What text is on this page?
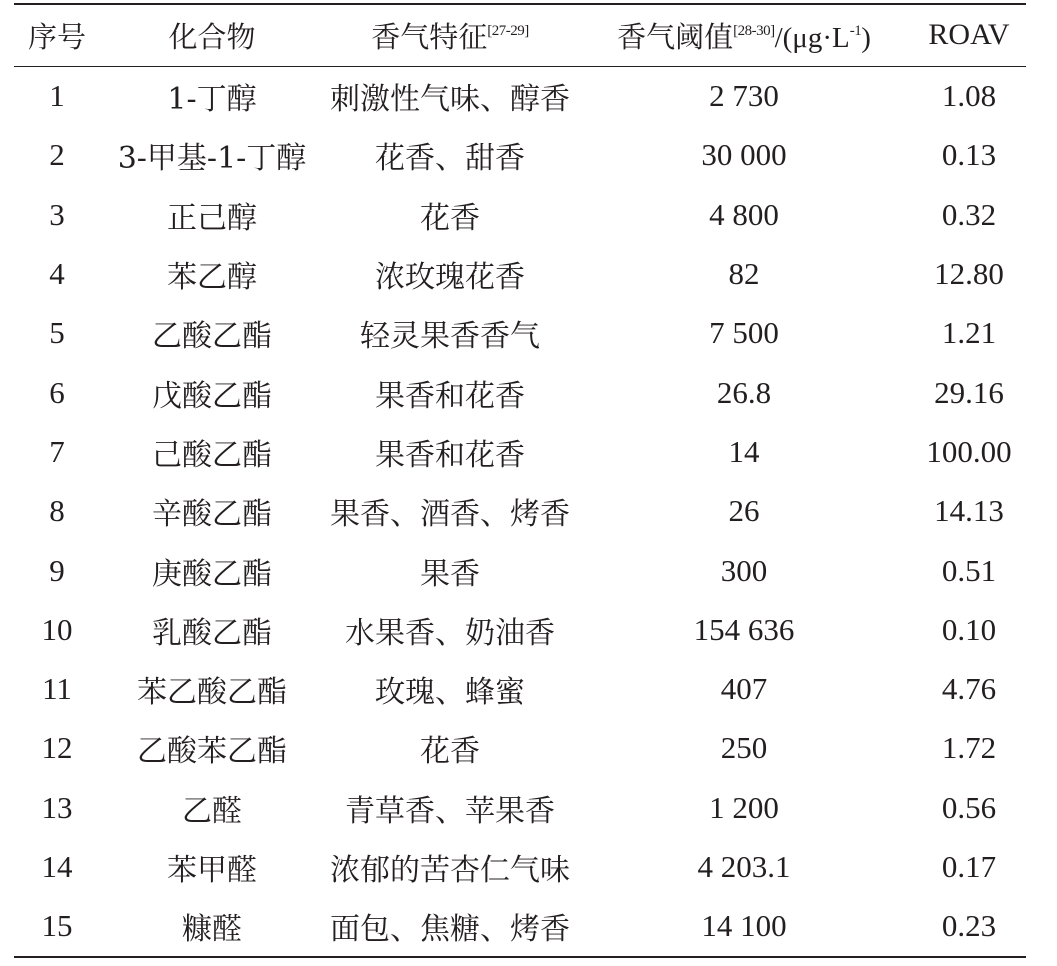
序号	化合物	香气特征[27-29]	香气阈值$[28-30]/(\mu g\cdot L^{-1})$	ROAV
1	1-丁醇	刺激性气味、醇香	2 730	1.08
2	3-甲基-1-丁醇	花香、甜香	30 000	0.13
3	正己醇	花香	4 800	0.32
4	苯乙醇	浓玫瑰花香	82	12.80
5	乙酸乙酯	轻灵果香香气	7 500	1.21
6	戊酸乙酯	果香和花香	26.8	29.16
7	己酸乙酯	果香和花香	14	100.00
8	辛酸乙酯	果香、酒香、烤香	26	14.13
9	庚酸乙酯	果香	300	0.51
10	乳酸乙酯	水果香、奶油香	154 636	0.10
11	苯乙酸乙酯	玫瑰、蜂蜜	407	4.76
12	乙酸苯乙酯	花香	250	1.72
13	乙醛	青草香、苹果香	1 200	0.56
14	苯甲醛	浓郁的苦杏仁气味	4 203.1	0.17
15	糠醛	面包、焦糖、烤香	14 100	0.23
